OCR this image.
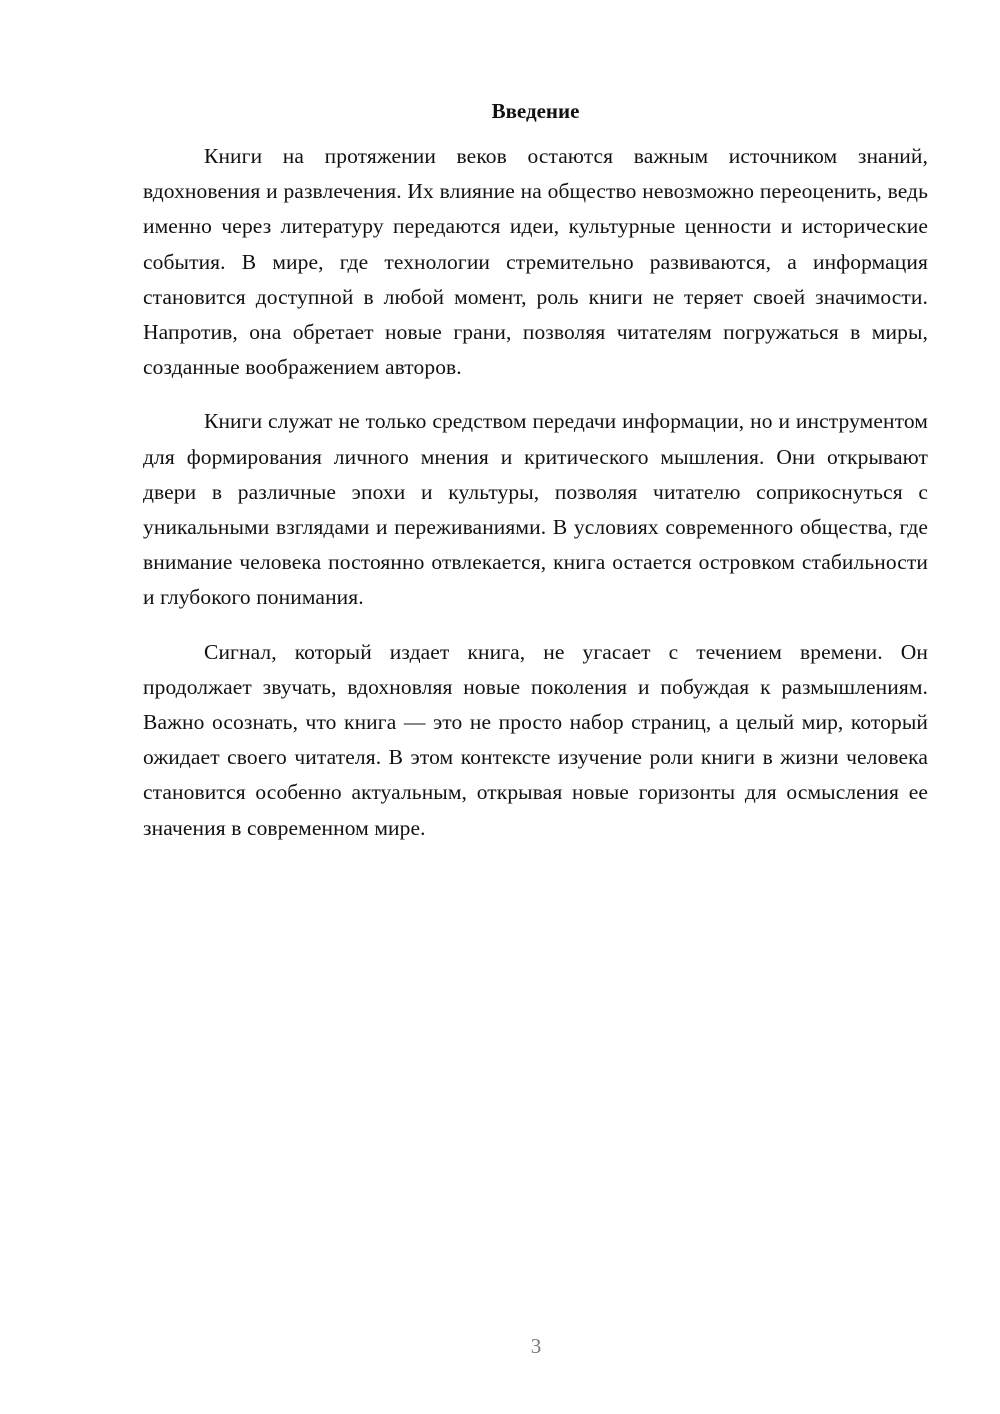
Введение

Книги на протяжении веков остаются важным источником знаний, вдохновения и развлечения. Их влияние на общество невозможно переоценить, ведь именно через литературу передаются идеи, культурные ценности и исторические события. В мире, где технологии стремительно развиваются, а информация становится доступной в любой момент, роль книги не теряет своей значимости. Напротив, она обретает новые грани, позволяя читателям погружаться в миры, созданные воображением авторов.

Книги служат не только средством передачи информации, но и инструментом для формирования личного мнения и критического мышления. Они открывают двери в различные эпохи и культуры, позволяя читателю соприкоснуться с уникальными взглядами и переживаниями. В условиях современного общества, где внимание человека постоянно отвлекается, книга остается островком стабильности и глубокого понимания.

Сигнал, который издает книга, не угасает с течением времени. Он продолжает звучать, вдохновляя новые поколения и побуждая к размышлениям. Важно осознать, что книга — это не просто набор страниц, а целый мир, который ожидает своего читателя. В этом контексте изучение роли книги в жизни человека становится особенно актуальным, открывая новые горизонты для осмысления ее значения в современном мире.

3
